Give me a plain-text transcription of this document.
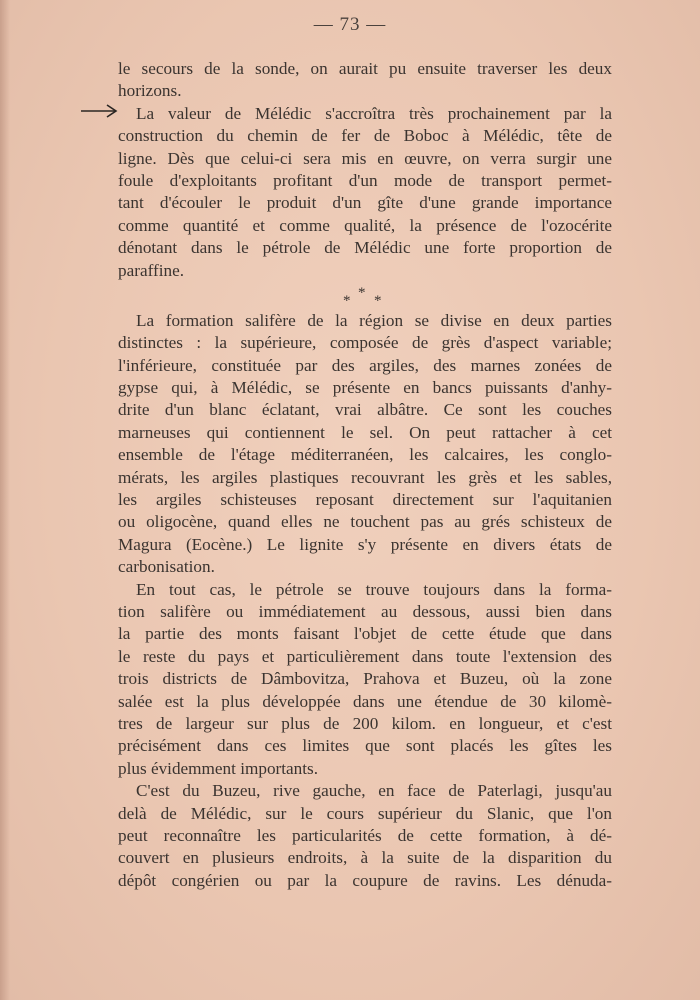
— 73 —
le secours de la sonde, on aurait pu ensuite traverser les deux
horizons.
La valeur de Mélédic s'accroîtra très prochainement par la
construction du chemin de fer de Boboc à Mélédic, tête de
ligne. Dès que celui-ci sera mis en œuvre, on verra surgir une
foule d'exploitants profitant d'un mode de transport permet-
tant d'écouler le produit d'un gîte d'une grande importance
comme quantité et comme qualité, la présence de l'ozocérite
dénotant dans le pétrole de Mélédic une forte proportion de
paraffine.
* * *
La formation salifère de la région se divise en deux parties
distinctes : la supérieure, composée de grès d'aspect variable;
l'inférieure, constituée par des argiles, des marnes zonées de
gypse qui, à Mélédic, se présente en bancs puissants d'anhy-
drite d'un blanc éclatant, vrai albâtre. Ce sont les couches
marneuses qui contiennent le sel. On peut rattacher à cet
ensemble de l'étage méditerranéen, les calcaires, les conglo-
mérats, les argiles plastiques recouvrant les grès et les sables,
les argiles schisteuses reposant directement sur l'aquitanien
ou oligocène, quand elles ne touchent pas au grés schisteux de
Magura (Eocène.) Le lignite s'y présente en divers états de
carbonisation.
En tout cas, le pétrole se trouve toujours dans la forma-
tion salifère ou immédiatement au dessous, aussi bien dans
la partie des monts faisant l'objet de cette étude que dans
le reste du pays et particulièrement dans toute l'extension des
trois districts de Dâmbovitza, Prahova et Buzeu, où la zone
salée est la plus développée dans une étendue de 30 kilomè-
tres de largeur sur plus de 200 kilom. en longueur, et c'est
précisément dans ces limites que sont placés les gîtes les
plus évidemment importants.
C'est du Buzeu, rive gauche, en face de Paterlagi, jusqu'au
delà de Mélédic, sur le cours supérieur du Slanic, que l'on
peut reconnaître les particularités de cette formation, à dé-
couvert en plusieurs endroits, à la suite de la disparition du
dépôt congérien ou par la coupure de ravins. Les dénuda-
